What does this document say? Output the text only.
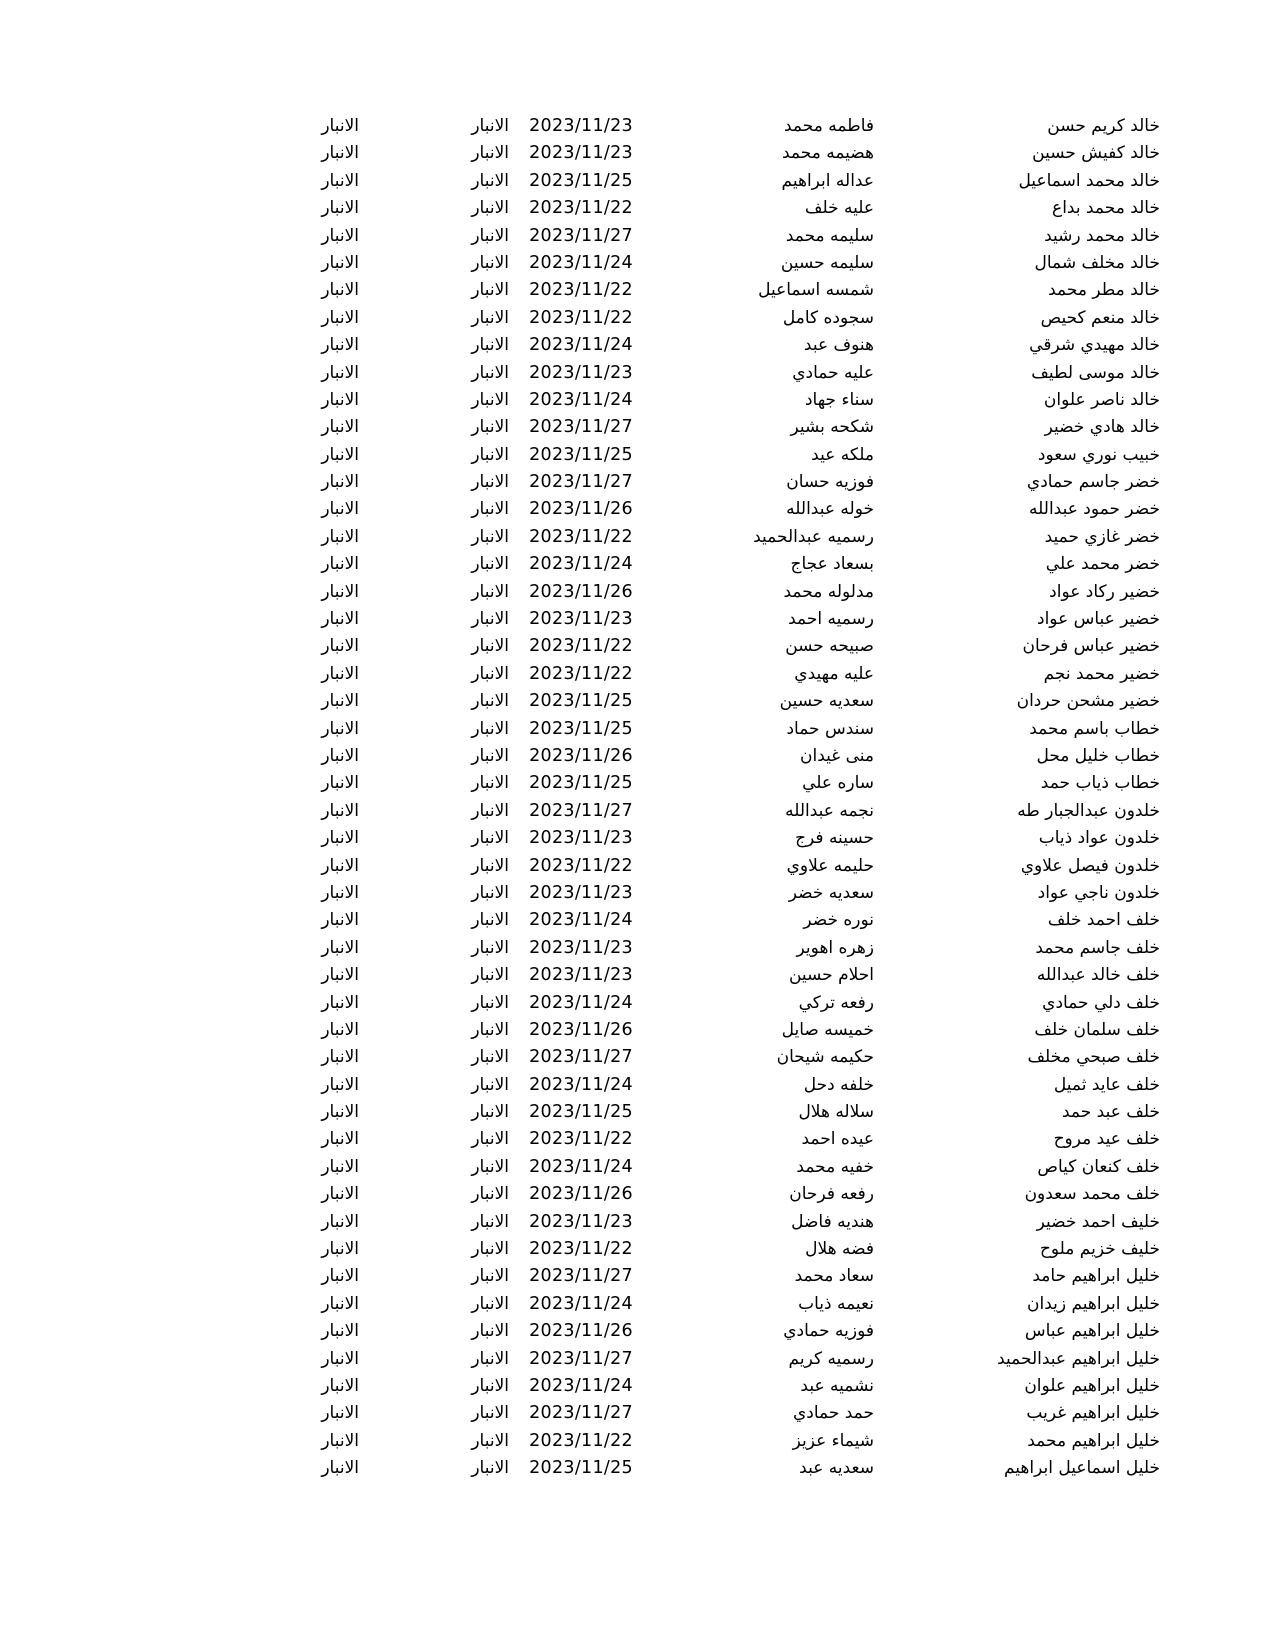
خالد كريم حسن
فاطمه محمد
2023/11/23
الانبار
الانبار
خالد كفيش حسين
هضيمه محمد
2023/11/23
الانبار
الانبار
خالد محمد اسماعيل
عداله ابراهيم
2023/11/25
الانبار
الانبار
خالد محمد بداع
عليه خلف
2023/11/22
الانبار
الانبار
خالد محمد رشيد
سليمه محمد
2023/11/27
الانبار
الانبار
خالد مخلف شمال
سليمه حسين
2023/11/24
الانبار
الانبار
خالد مطر محمد
شمسه اسماعيل
2023/11/22
الانبار
الانبار
خالد منعم كحيص
سجوده كامل
2023/11/22
الانبار
الانبار
خالد مهيدي شرقي
هنوف عبد
2023/11/24
الانبار
الانبار
خالد موسى لطيف
عليه حمادي
2023/11/23
الانبار
الانبار
خالد ناصر علوان
سناء جهاد
2023/11/24
الانبار
الانبار
خالد هادي خضير
شكحه بشير
2023/11/27
الانبار
الانبار
خبيب نوري سعود
ملكه عيد
2023/11/25
الانبار
الانبار
خضر جاسم حمادي
فوزيه حسان
2023/11/27
الانبار
الانبار
خضر حمود عبدالله
خوله عبدالله
2023/11/26
الانبار
الانبار
خضر غازي حميد
رسميه عبدالحميد
2023/11/22
الانبار
الانبار
خضر محمد علي
بسعاد عجاج
2023/11/24
الانبار
الانبار
خضير ركاد عواد
مدلوله محمد
2023/11/26
الانبار
الانبار
خضير عباس عواد
رسميه احمد
2023/11/23
الانبار
الانبار
خضير عباس فرحان
صبيحه حسن
2023/11/22
الانبار
الانبار
خضير محمد نجم
عليه مهيدي
2023/11/22
الانبار
الانبار
خضير مشحن حردان
سعديه حسين
2023/11/25
الانبار
الانبار
خطاب باسم محمد
سندس حماد
2023/11/25
الانبار
الانبار
خطاب خليل محل
منى غيدان
2023/11/26
الانبار
الانبار
خطاب ذياب حمد
ساره علي
2023/11/25
الانبار
الانبار
خلدون عبدالجبار طه
نجمه عبدالله
2023/11/27
الانبار
الانبار
خلدون عواد ذياب
حسينه فرج
2023/11/23
الانبار
الانبار
خلدون فيصل علاوي
حليمه علاوي
2023/11/22
الانبار
الانبار
خلدون ناجي عواد
سعديه خضر
2023/11/23
الانبار
الانبار
خلف احمد خلف
نوره خضر
2023/11/24
الانبار
الانبار
خلف جاسم محمد
زهره اهوير
2023/11/23
الانبار
الانبار
خلف خالد عبدالله
احلام حسين
2023/11/23
الانبار
الانبار
خلف دلي حمادي
رفعه تركي
2023/11/24
الانبار
الانبار
خلف سلمان خلف
خميسه صايل
2023/11/26
الانبار
الانبار
خلف صبحي مخلف
حكيمه شيحان
2023/11/27
الانبار
الانبار
خلف عايد ثميل
خلفه دحل
2023/11/24
الانبار
الانبار
خلف عبد حمد
سلاله هلال
2023/11/25
الانبار
الانبار
خلف عيد مروح
عيده احمد
2023/11/22
الانبار
الانبار
خلف كنعان كياص
خفيه محمد
2023/11/24
الانبار
الانبار
خلف محمد سعدون
رفعه فرحان
2023/11/26
الانبار
الانبار
خليف احمد خضير
هنديه فاضل
2023/11/23
الانبار
الانبار
خليف خزيم ملوح
فضه هلال
2023/11/22
الانبار
الانبار
خليل ابراهيم حامد
سعاد محمد
2023/11/27
الانبار
الانبار
خليل ابراهيم زيدان
نعيمه ذياب
2023/11/24
الانبار
الانبار
خليل ابراهيم عباس
فوزيه حمادي
2023/11/26
الانبار
الانبار
خليل ابراهيم عبدالحميد
رسميه كريم
2023/11/27
الانبار
الانبار
خليل ابراهيم علوان
نشميه عبد
2023/11/24
الانبار
الانبار
خليل ابراهيم غريب
حمد حمادي
2023/11/27
الانبار
الانبار
خليل ابراهيم محمد
شيماء عزيز
2023/11/22
الانبار
الانبار
خليل اسماعيل ابراهيم
سعديه عبد
2023/11/25
الانبار
الانبار
